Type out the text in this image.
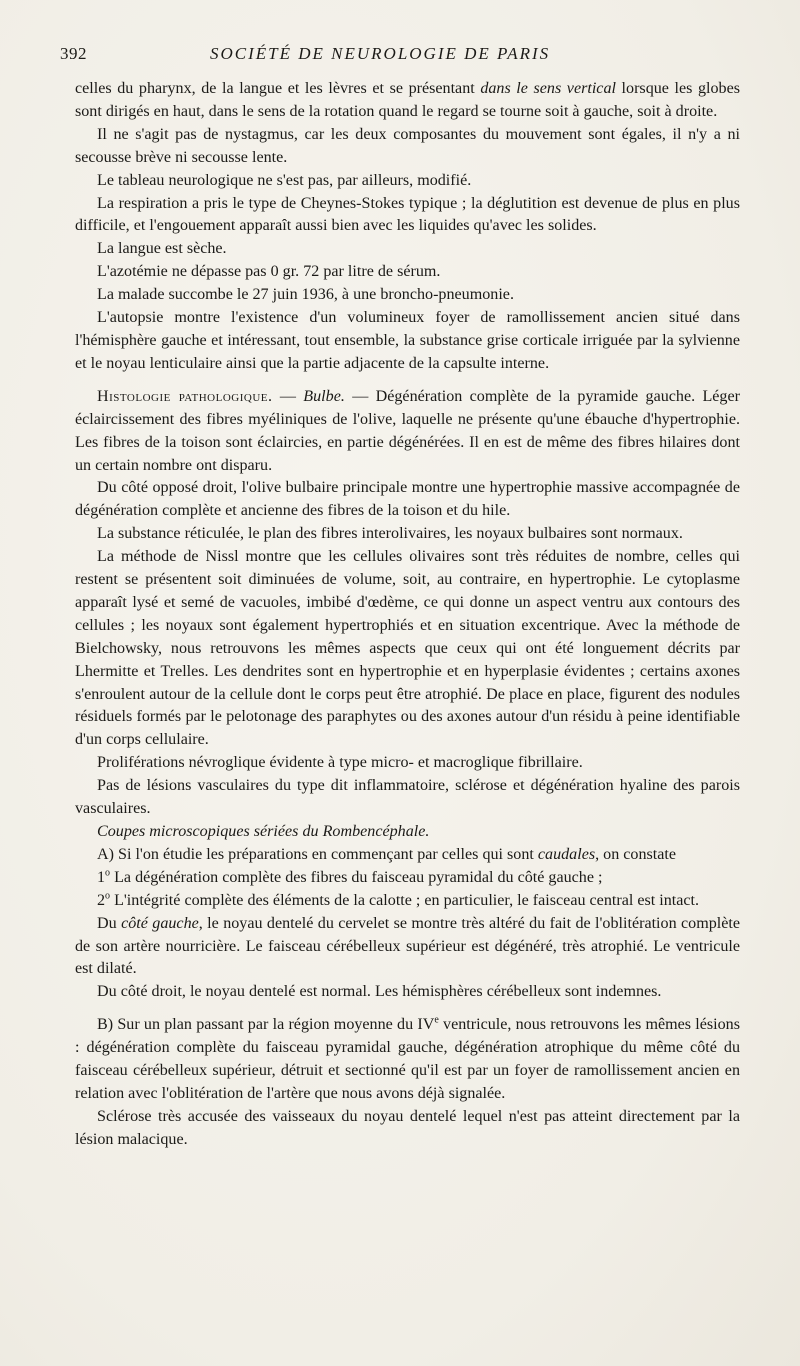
392	SOCIÉTÉ DE NEUROLOGIE DE PARIS

celles du pharynx, de la langue et les lèvres et se présentant dans le sens vertical lorsque les globes sont dirigés en haut, dans le sens de la rotation quand le regard se tourne soit à gauche, soit à droite.

Il ne s'agit pas de nystagmus, car les deux composantes du mouvement sont égales, il n'y a ni secousse brève ni secousse lente.

Le tableau neurologique ne s'est pas, par ailleurs, modifié.

La respiration a pris le type de Cheynes-Stokes typique ; la déglutition est devenue de plus en plus difficile, et l'engouement apparaît aussi bien avec les liquides qu'avec les solides.

La langue est sèche.

L'azotémie ne dépasse pas 0 gr. 72 par litre de sérum.

La malade succombe le 27 juin 1936, à une broncho-pneumonie.

L'autopsie montre l'existence d'un volumineux foyer de ramollissement ancien situé dans l'hémisphère gauche et intéressant, tout ensemble, la substance grise corticale irriguée par la sylvienne et le noyau lenticulaire ainsi que la partie adjacente de la capsulte interne.

Histologie pathologique. — Bulbe. — Dégénération complète de la pyramide gauche. Léger éclaircissement des fibres myéliniques de l'olive, laquelle ne présente qu'une ébauche d'hypertrophie. Les fibres de la toison sont éclaircies, en partie dégénérées. Il en est de même des fibres hilaires dont un certain nombre ont disparu.

Du côté opposé droit, l'olive bulbaire principale montre une hypertrophie massive accompagnée de dégénération complète et ancienne des fibres de la toison et du hile.

La substance réticulée, le plan des fibres interolivaires, les noyaux bulbaires sont normaux.

La méthode de Nissl montre que les cellules olivaires sont très réduites de nombre, celles qui restent se présentent soit diminuées de volume, soit, au contraire, en hypertrophie. Le cytoplasme apparaît lysé et semé de vacuoles, imbibé d'œdème, ce qui donne un aspect ventru aux contours des cellules ; les noyaux sont également hypertrophiés et en situation excentrique. Avec la méthode de Bielchowsky, nous retrouvons les mêmes aspects que ceux qui ont été longuement décrits par Lhermitte et Trelles. Les dendrites sont en hypertrophie et en hyperplasie évidentes ; certains axones s'enroulent autour de la cellule dont le corps peut être atrophié. De place en place, figurent des nodules résiduels formés par le pelotonage des paraphytes ou des axones autour d'un résidu à peine identifiable d'un corps cellulaire.

Proliférations névroglique évidente à type micro- et macroglique fibrillaire.

Pas de lésions vasculaires du type dit inflammatoire, sclérose et dégénération hyaline des parois vasculaires.

Coupes microscopiques sériées du Rombencéphale.

A) Si l'on étudie les préparations en commençant par celles qui sont caudales, on constate

1$^o$ La dégénération complète des fibres du faisceau pyramidal du côté gauche ;

2$^o$ L'intégrité complète des éléments de la calotte ; en particulier, le faisceau central est intact.

Du côté gauche, le noyau dentelé du cervelet se montre très altéré du fait de l'oblitération complète de son artère nourricière. Le faisceau cérébelleux supérieur est dégénéré, très atrophié. Le ventricule est dilaté.

Du côté droit, le noyau dentelé est normal. Les hémisphères cérébelleux sont indemnes.

B) Sur un plan passant par la région moyenne du IVe ventricule, nous retrouvons les mêmes lésions : dégénération complète du faisceau pyramidal gauche, dégénération atrophique du même côté du faisceau cérébelleux supérieur, détruit et sectionné qu'il est par un foyer de ramollissement ancien en relation avec l'oblitération de l'artère que nous avons déjà signalée.

Sclérose très accusée des vaisseaux du noyau dentelé lequel n'est pas atteint directement par la lésion malacique.
